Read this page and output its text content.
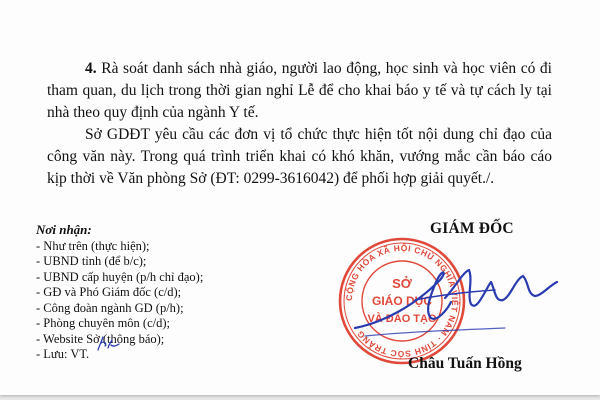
4. Rà soát danh sách nhà giáo, người lao động, học sinh và học viên có đi tham quan, du lịch trong thời gian nghỉ Lễ để cho khai báo y tế và tự cách ly tại nhà theo quy định của ngành Y tế.

Sở GDĐT yêu cầu các đơn vị tổ chức thực hiện tốt nội dung chỉ đạo của công văn này. Trong quá trình triển khai có khó khăn, vướng mắc cần báo cáo kịp thời về Văn phòng Sở (ĐT: 0299-3616042) để phối hợp giải quyết./.

Nơi nhận:
- Như trên (thực hiện);
- UBND tỉnh (để b/c);
- UBND cấp huyện (p/h chỉ đạo);
- GĐ và Phó Giám đốc (c/d);
- Công đoàn ngành GD (p/h);
- Phòng chuyên môn (c/d);
- Website Sở (thông báo);
- Lưu: VT.
GIÁM ĐỐC
CỘNG HÒA XÃ HỘI CHỦ NGHĨA VIỆT NAM · TỈNH SÓC TRĂNG ·
SỞ
GIÁO DỤC
VÀ ĐÀO TẠO
Châu Tuấn Hồng
